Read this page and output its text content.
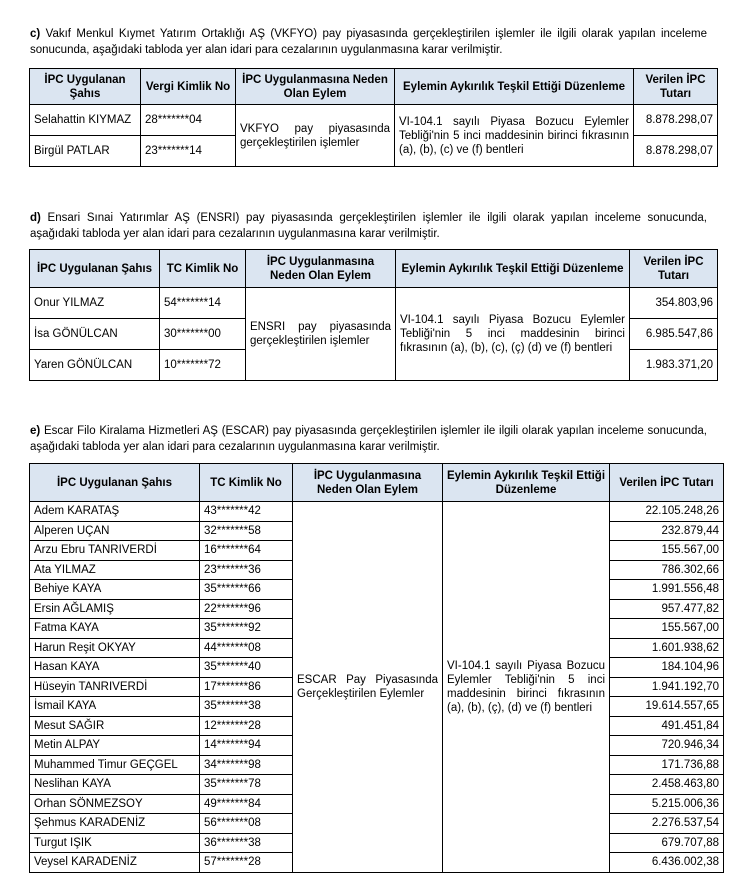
c) Vakıf Menkul Kıymet Yatırım Ortaklığı AŞ (VKFYO) pay piyasasında gerçekleştirilen işlemler ile ilgili olarak yapılan inceleme sonucunda, aşağıdaki tabloda yer alan idari para cezalarının uygulanmasına karar verilmiştir.
İPC Uygulanan Şahıs	Vergi Kimlik No	İPC Uygulanmasına Neden Olan Eylem	Eylemin Aykırılık Teşkil Ettiği Düzenleme	Verilen İPC Tutarı
Selahattin KIYMAZ	28*******04	VKFYO pay piyasasında gerçekleştirilen işlemler	VI-104.1 sayılı Piyasa Bozucu Eylemler Tebliği'nin 5 inci maddesinin birinci fıkrasının (a), (b), (c) ve (f) bentleri	8.878.298,07
Birgül PATLAR	23*******14			8.878.298,07
d) Ensari Sınai Yatırımlar AŞ (ENSRI) pay piyasasında gerçekleştirilen işlemler ile ilgili olarak yapılan inceleme sonucunda, aşağıdaki tabloda yer alan idari para cezalarının uygulanmasına karar verilmiştir.
İPC Uygulanan Şahıs	TC Kimlik No	İPC Uygulanmasına Neden Olan Eylem	Eylemin Aykırılık Teşkil Ettiği Düzenleme	Verilen İPC Tutarı
Onur YILMAZ	54*******14	ENSRI pay piyasasında gerçekleştirilen işlemler	VI-104.1 sayılı Piyasa Bozucu Eylemler Tebliği'nin 5 inci maddesinin birinci fıkrasının (a), (b), (c), (ç) (d) ve (f) bentleri	354.803,96
İsa GÖNÜLCAN	30*******00			6.985.547,86
Yaren GÖNÜLCAN	10*******72			1.983.371,20
e) Escar Filo Kiralama Hizmetleri AŞ (ESCAR) pay piyasasında gerçekleştirilen işlemler ile ilgili olarak yapılan inceleme sonucunda, aşağıdaki tabloda yer alan idari para cezalarının uygulanmasına karar verilmiştir.
İPC Uygulanan Şahıs	TC Kimlik No	İPC Uygulanmasına Neden Olan Eylem	Eylemin Aykırılık Teşkil Ettiği Düzenleme	Verilen İPC Tutarı
Adem KARATAŞ	43*******42	ESCAR Pay Piyasasında Gerçekleştirilen Eylemler	VI-104.1 sayılı Piyasa Bozucu Eylemler Tebliği'nin 5 inci maddesinin birinci fıkrasının (a), (b), (ç), (d) ve (f) bentleri	22.105.248,26
Alperen UÇAN	32*******58			232.879,44
Arzu Ebru TANRIVERDİ	16*******64			155.567,00
Ata YILMAZ	23*******36			786.302,66
Behiye KAYA	35*******66			1.991.556,48
Ersin AĞLAMIŞ	22*******96			957.477,82
Fatma KAYA	35*******92			155.567,00
Harun Reşit OKYAY	44*******08			1.601.938,62
Hasan KAYA	35*******40			184.104,96
Hüseyin TANRIVERDİ	17*******86			1.941.192,70
İsmail KAYA	35*******38			19.614.557,65
Mesut SAĞIR	12*******28			491.451,84
Metin ALPAY	14*******94			720.946,34
Muhammed Timur GEÇGEL	34*******98			171.736,88
Neslihan KAYA	35*******78			2.458.463,80
Orhan SÖNMEZSOY	49*******84			5.215.006,36
Şehmus KARADENİZ	56*******08			2.276.537,54
Turgut IŞIK	36*******38			679.707,88
Veysel KARADENİZ	57*******28			6.436.002,38
